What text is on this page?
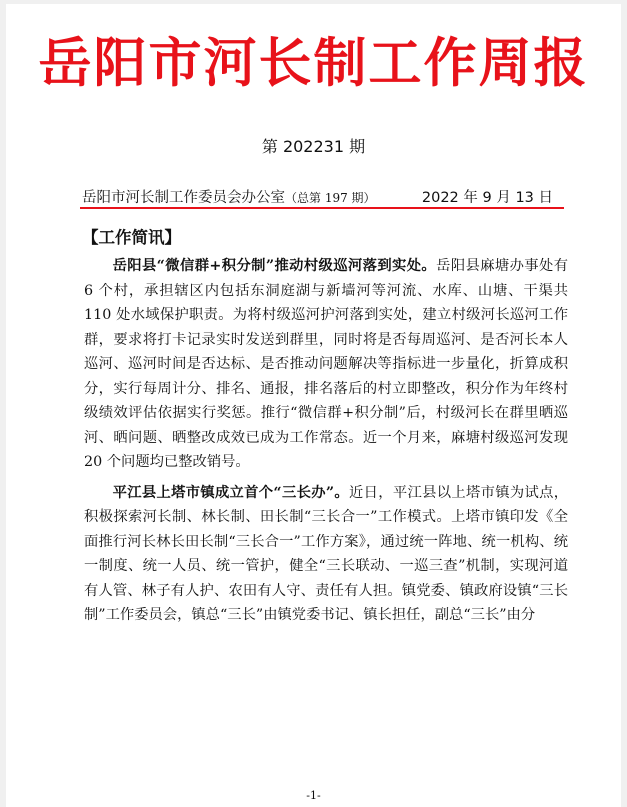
岳阳市河长制工作周报
第 202231 期
岳阳市河长制工作委员会办公室（总第 197 期）	2022 年 9 月 13 日
【工作简讯】

岳阳县“微信群+积分制”推动村级巡河落到实处。岳阳县麻塘办事处有 6 个村，承担辖区内包括东洞庭湖与新墙河等河流、水库、山塘、干渠共 110 处水域保护职责。为将村级巡河护河落到实处，建立村级河长巡河工作群，要求将打卡记录实时发送到群里，同时将是否每周巡河、是否河长本人巡河、巡河时间是否达标、是否推动问题解决等指标进一步量化，折算成积分，实行每周计分、排名、通报，排名落后的村立即整改，积分作为年终村级绩效评估依据实行奖惩。推行“微信群+积分制”后，村级河长在群里晒巡河、晒问题、晒整改成效已成为工作常态。近一个月来，麻塘村级巡河发现 20 个问题均已整改销号。

平江县上塔市镇成立首个“三长办”。近日，平江县以上塔市镇为试点，积极探索河长制、林长制、田长制“三长合一”工作模式。上塔市镇印发《全面推行河长林长田长制“三长合一”工作方案》，通过统一阵地、统一机构、统一制度、统一人员、统一管护，健全“三长联动、一巡三查”机制，实现河道有人管、林子有人护、农田有人守、责任有人担。镇党委、镇政府设镇“三长制”工作委员会，镇总“三长”由镇党委书记、镇长担任，副总“三长”由分

-1-
